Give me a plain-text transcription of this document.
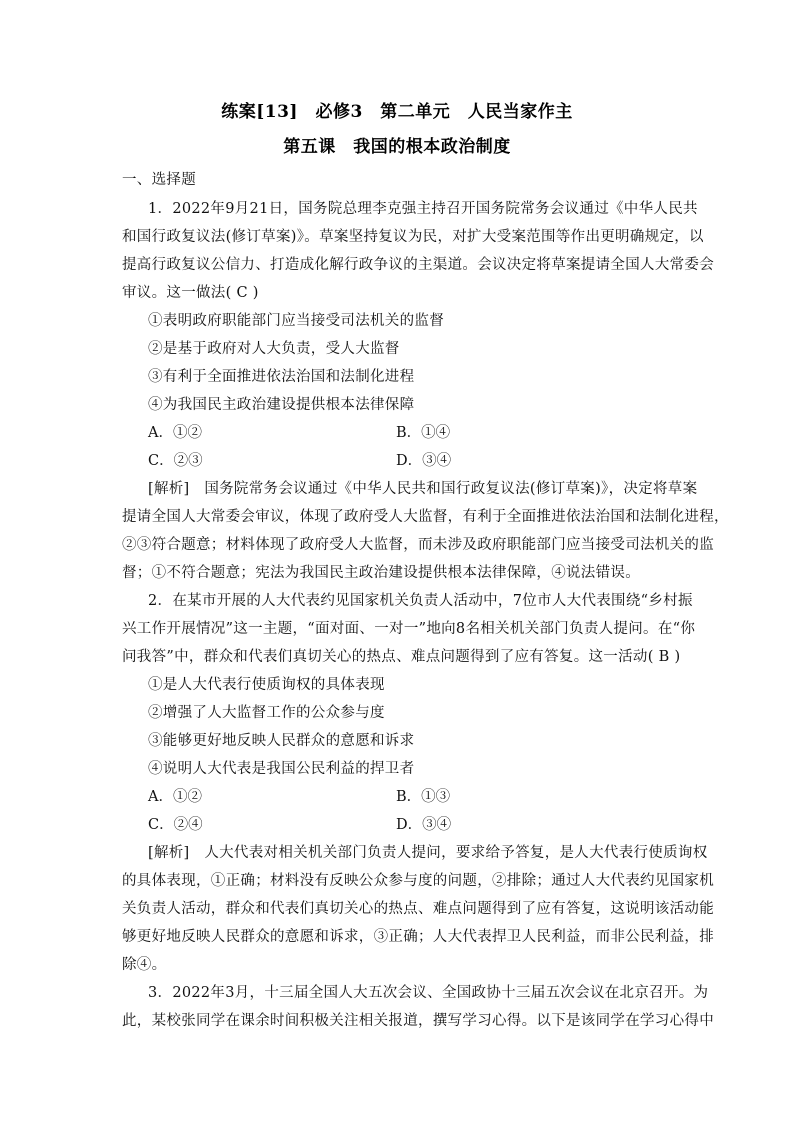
练案[13]　必修3　第二单元　人民当家作主
第五课　我国的根本政治制度
一、选择题
1．2022年9月21日，国务院总理李克强主持召开国务院常务会议通过《中华人民共
和国行政复议法(修订草案)》。草案坚持复议为民，对扩大受案范围等作出更明确规定，以
提高行政复议公信力、打造成化解行政争议的主渠道。会议决定将草案提请全国人大常委会
审议。这一做法( C )
①表明政府职能部门应当接受司法机关的监督
②是基于政府对人大负责，受人大监督
③有利于全面推进依法治国和法制化进程
④为我国民主政治建设提供根本法律保障
A．①②	B．①④
C．②③	D．③④
[解析]　国务院常务会议通过《中华人民共和国行政复议法(修订草案)》，决定将草案
提请全国人大常委会审议，体现了政府受人大监督，有利于全面推进依法治国和法制化进程，
②③符合题意；材料体现了政府受人大监督，而未涉及政府职能部门应当接受司法机关的监
督；①不符合题意；宪法为我国民主政治建设提供根本法律保障，④说法错误。
2．在某市开展的人大代表约见国家机关负责人活动中，7位市人大代表围绕“乡村振
兴工作开展情况”这一主题，“面对面、一对一”地向8名相关机关部门负责人提问。在“你
问我答”中，群众和代表们真切关心的热点、难点问题得到了应有答复。这一活动( B )
①是人大代表行使质询权的具体表现
②增强了人大监督工作的公众参与度
③能够更好地反映人民群众的意愿和诉求
④说明人大代表是我国公民利益的捍卫者
A．①②	B．①③
C．②④	D．③④
[解析]　人大代表对相关机关部门负责人提问，要求给予答复，是人大代表行使质询权
的具体表现，①正确；材料没有反映公众参与度的问题，②排除；通过人大代表约见国家机
关负责人活动，群众和代表们真切关心的热点、难点问题得到了应有答复，这说明该活动能
够更好地反映人民群众的意愿和诉求，③正确；人大代表捍卫人民利益，而非公民利益，排
除④。
3．2022年3月，十三届全国人大五次会议、全国政协十三届五次会议在北京召开。为
此，某校张同学在课余时间积极关注相关报道，撰写学习心得。以下是该同学在学习心得中
